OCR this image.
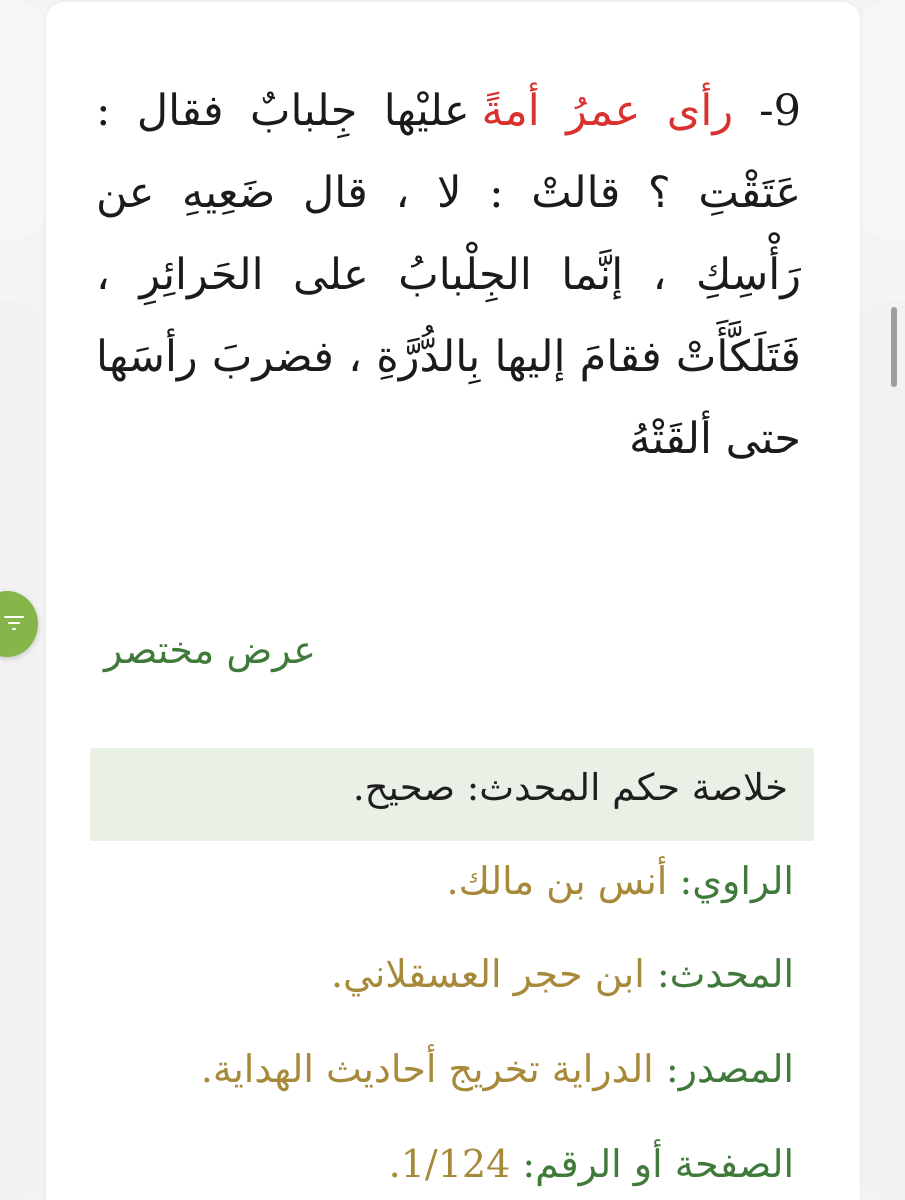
9-رأى عمرُ أمةًعليْها جِلبابٌ فقال : عَتَقْتِ ؟ قالتْ : لا ، قال ضَعِيهِ عن رَأْسِكِ ، إنَّما الجِلْبابُ على الحَرائِرِ ، فَتَلَكَّأَتْ فقامَ إليها بِالدُّرَّةِ ، فضربَ رأسَها حتى ألقَتْهُ
عرض مختصر
خلاصة حكم المحدث: صحيح.
الراوي: أنس بن مالك.
المحدث: ابن حجر العسقلاني.
المصدر: الدراية تخريج أحاديث الهداية.
الصفحة أو الرقم: 1/124.
